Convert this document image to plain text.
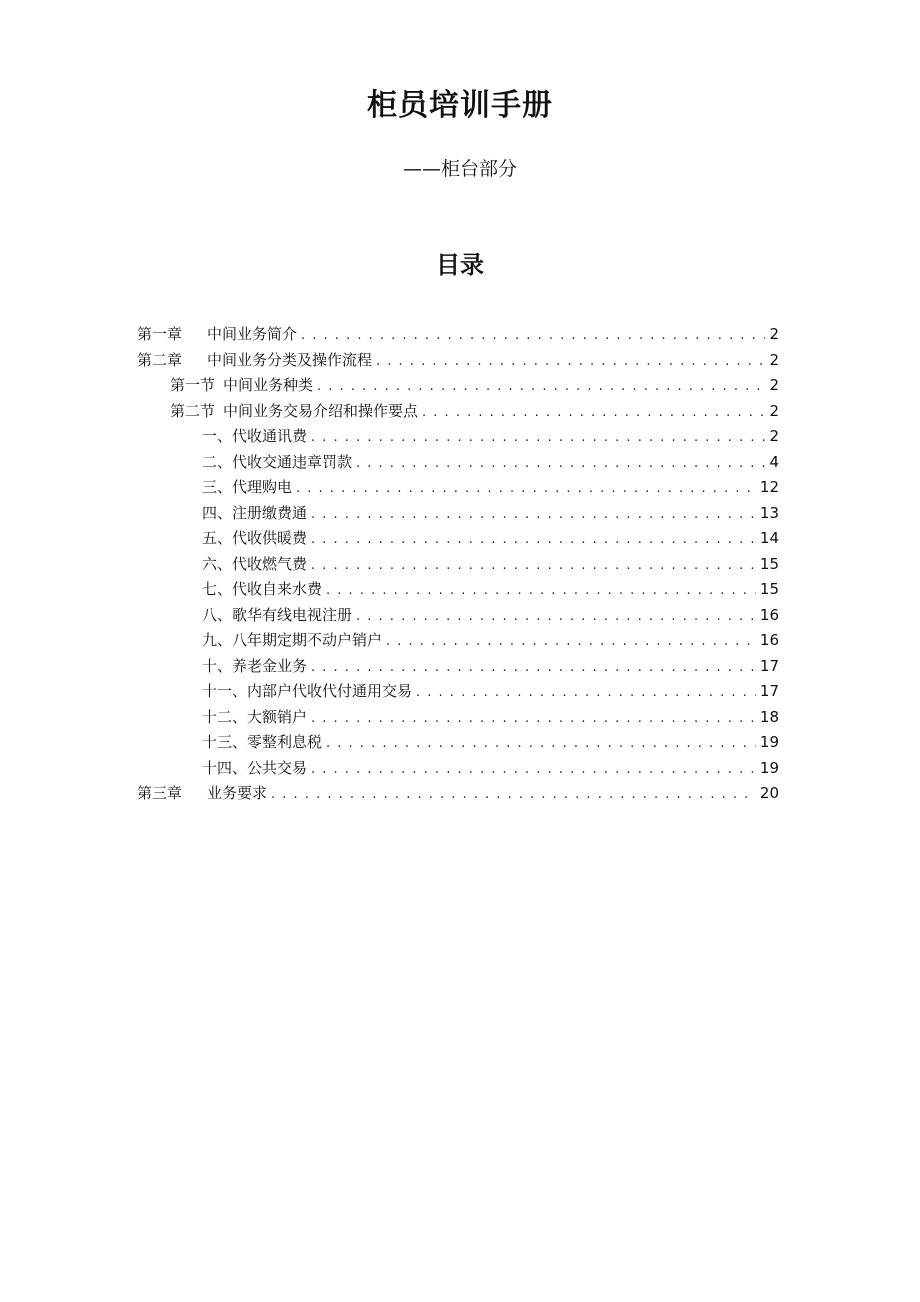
柜员培训手册
——柜台部分
目录
第一章 中间业务简介 . . .	2
第二章 中间业务分类及操作流程 . . .	2
第一节 中间业务种类 . . .	2
第二节 中间业务交易介绍和操作要点 . . .	2
一、代收通讯费 . . .	2
二、代收交通违章罚款 . . .	4
三、代理购电 . . .	12
四、注册缴费通 . . .	13
五、代收供暖费 . . .	14
六、代收燃气费 . . .	15
七、代收自来水费 . . .	15
八、歌华有线电视注册 . . .	16
九、八年期定期不动户销户 . . .	16
十、养老金业务 . . .	17
十一、内部户代收代付通用交易 . . .	17
十二、大额销户 . . .	18
十三、零整利息税 . . .	19
十四、公共交易 . . .	19
第三章 业务要求 . . .	20
